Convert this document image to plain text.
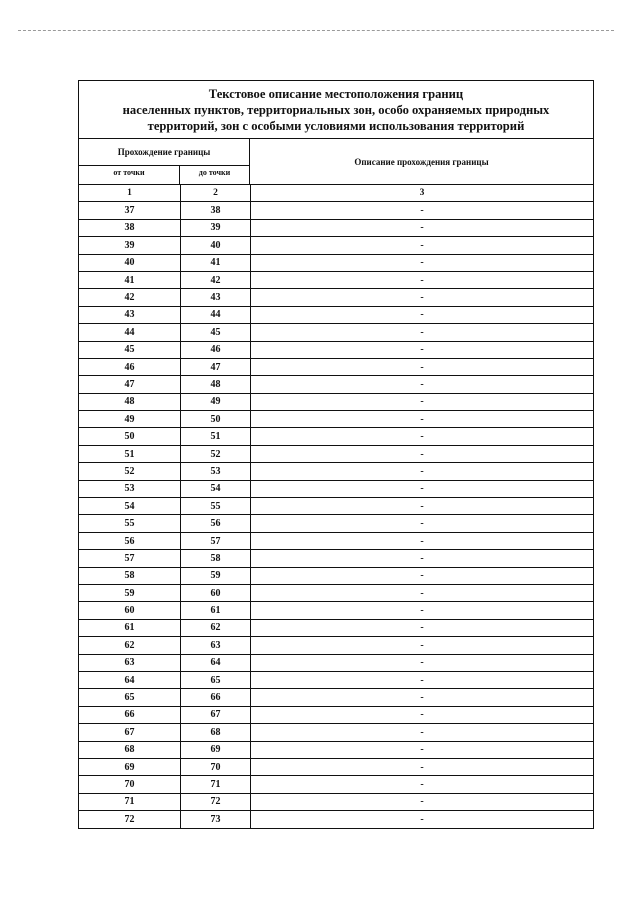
Текстовое описание местоположения границ
населенных пунктов, территориальных зон, особо охраняемых природных
территорий, зон с особыми условиями использования территорий
Прохождение границы
от точки	до точки
Описание прохождения границы
1	2	3
37	38	-
38	39	-
39	40	-
40	41	-
41	42	-
42	43	-
43	44	-
44	45	-
45	46	-
46	47	-
47	48	-
48	49	-
49	50	-
50	51	-
51	52	-
52	53	-
53	54	-
54	55	-
55	56	-
56	57	-
57	58	-
58	59	-
59	60	-
60	61	-
61	62	-
62	63	-
63	64	-
64	65	-
65	66	-
66	67	-
67	68	-
68	69	-
69	70	-
70	71	-
71	72	-
72	73	-
